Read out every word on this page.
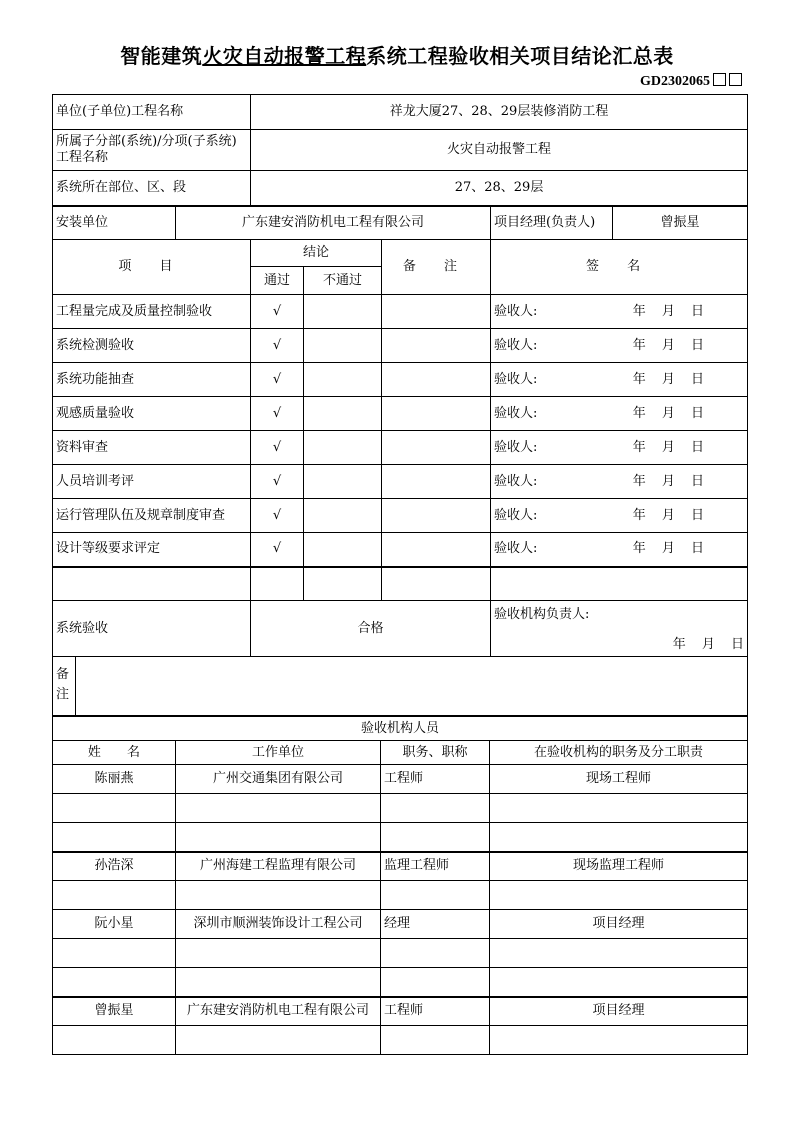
智能建筑火灾自动报警工程系统工程验收相关项目结论汇总表
GD2302065
单位(子单位)工程名称		祥龙大厦27、28、29层装修消防工程				
所属子分部(系统)/分项(子系统)工程名称		火灾自动报警工程				
系统所在部位、区、段		27、28、29层				
安装单位	广东建安消防机电工程有限公司				项目经理(负责人)	曾振星
项 目		结论		备 注	签 名	
		通过	不通过			
工程量完成及质量控制验收		√			验收人: 年 月 日	

系统检测验收		√			验收人: 年 月 日	

系统功能抽查		√			验收人: 年 月 日	

观感质量验收		√			验收人: 年 月 日	

资料审查		√			验收人: 年 月 日	

人员培训考评		√			验收人: 年 月 日	

运行管理队伍及规章制度审查		√			验收人: 年 月 日	

设计等级要求评定		√			验收人: 年 月 日	

系统验收		合格			验收机构负责人:
年 月 日	

备注						
验收机构人员			
姓 名	工作单位	职务、职称	在验收机构的职务及分工职责
陈丽燕	广州交通集团有限公司	工程师	现场工程师

孙浩深	广州海建工程监理有限公司	监理工程师	现场监理工程师

阮小星	深圳市顺洲装饰设计工程公司	经理	项目经理

曾振星	广东建安消防机电工程有限公司	工程师	项目经理
